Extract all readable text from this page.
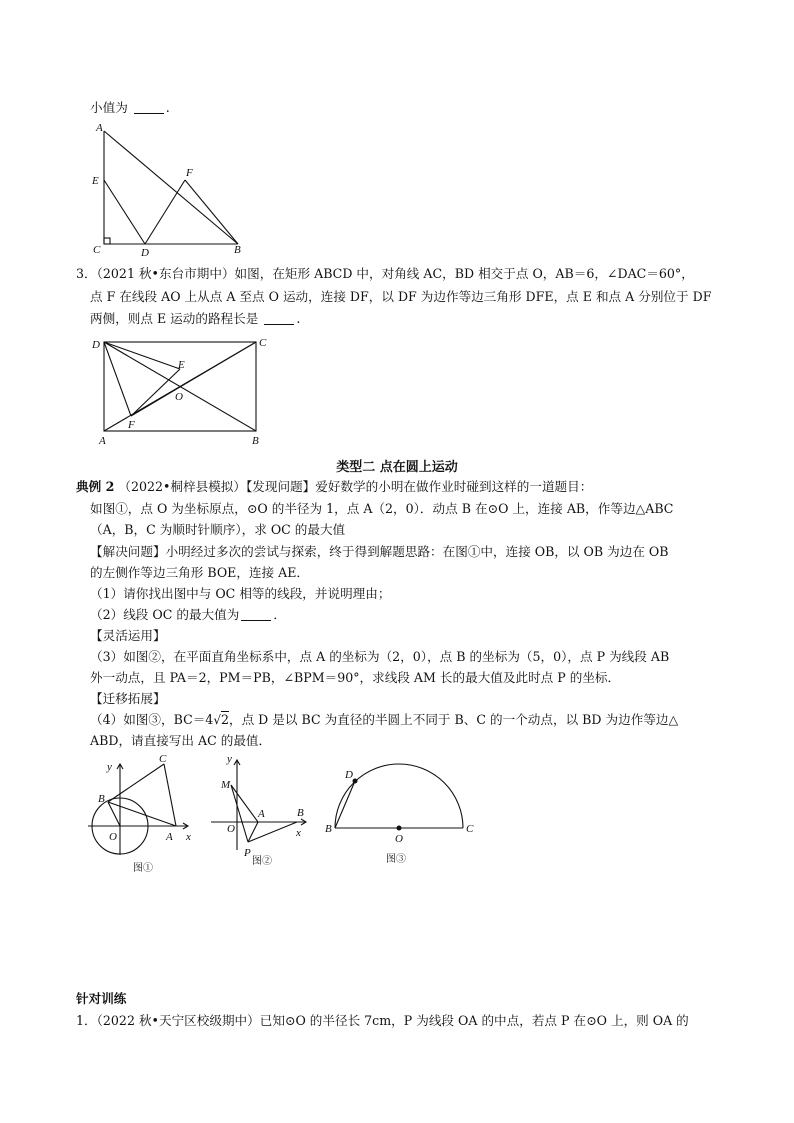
小值为	.
A
E
F
C	D	B
3．（2021 秋•东台市期中）如图，在矩形 ABCD 中，对角线 AC，BD 相交于点 O，AB＝6，∠DAC＝60°，
点 F 在线段 AO 上从点 A 至点 O 运动，连接 DF，以 DF 为边作等边三角形 DFE，点 E 和点 A 分别位于 DF
两侧，则点 E 运动的路程长是	.
D	C
E
O
F
A	B
类型二 点在圆上运动
典例 2 （2022•桐梓县模拟）【发现问题】爱好数学的小明在做作业时碰到这样的一道题目：
如图①，点 O 为坐标原点，⊙O 的半径为 1，点 A（2，0）．动点 B 在⊙O 上，连接 AB，作等边△ABC
（A，B，C 为顺时针顺序），求 OC 的最大值
【解决问题】小明经过多次的尝试与探索，终于得到解题思路：在图①中，连接 OB，以 OB 为边在 OB
的左侧作等边三角形 BOE，连接 AE．
（1）请你找出图中与 OC 相等的线段，并说明理由；
（2）线段 OC 的最大值为	．
【灵活运用】
（3）如图②，在平面直角坐标系中，点 A 的坐标为（2，0），点 B 的坐标为（5，0），点 P 为线段 AB
外一动点，且 PA＝2，PM＝PB，∠BPM＝90°，求线段 AM 长的最大值及此时点 P 的坐标．
【迁移拓展】
（4）如图③，BC＝4√2，点 D 是以 BC 为直径的半圆上不同于 B、C 的一个动点，以 BD 为边作等边△
ABD，请直接写出 AC 的最值．
y
C
B
O	A x
图①
y
M
A	B
O	x
P
图②
D
B
O
C
图③
针对训练
1．（2022 秋•天宁区校级期中）已知⊙O 的半径长 7cm，P 为线段 OA 的中点，若点 P 在⊙O 上，则 OA 的
